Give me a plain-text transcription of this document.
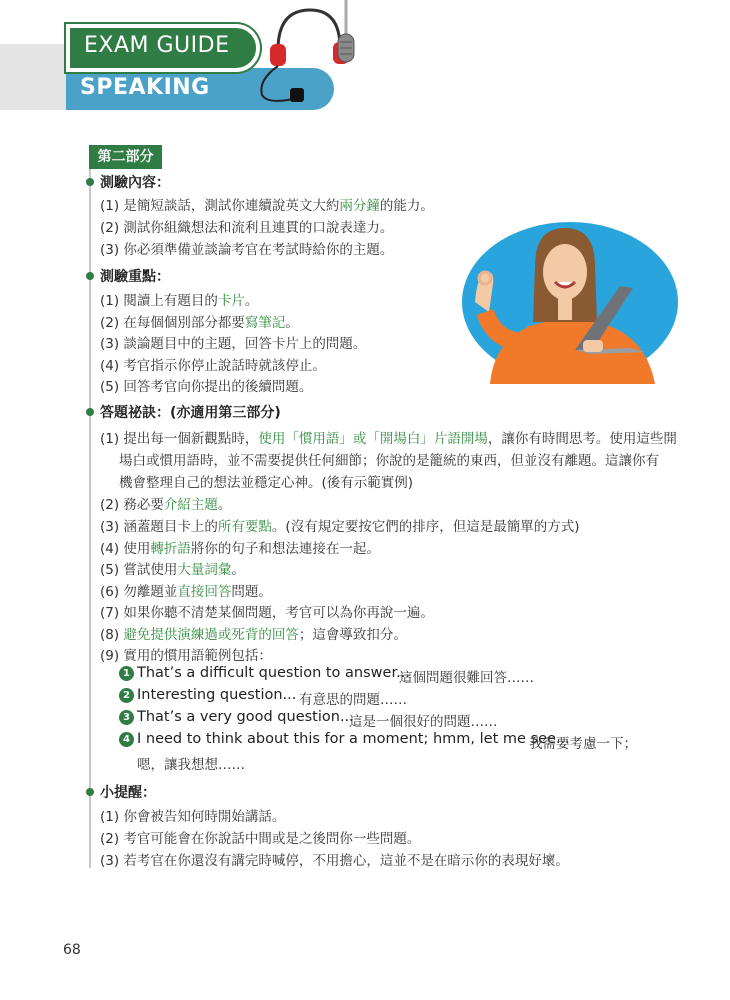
SPEAKING
EXAM GUIDE
第二部分
測驗內容：
(1) 是簡短談話，測試你連續說英文大約兩分鐘的能力。
(2) 測試你組織想法和流利且連貫的口說表達力。
(3) 你必須準備並談論考官在考試時給你的主題。
測驗重點：
(1) 閱讀上有題目的卡片。
(2) 在每個個別部分都要寫筆記。
(3) 談論題目中的主題，回答卡片上的問題。
(4) 考官指示你停止說話時就該停止。
(5) 回答考官向你提出的後續問題。
答題祕訣：(亦適用第三部分)
(1) 提出每一個新觀點時，使用「慣用語」或「開場白」片語開場，讓你有時間思考。使用這些開
場白或慣用語時，並不需要提供任何細節；你說的是籠統的東西，但並沒有離題。這讓你有
機會整理自己的想法並穩定心神。(後有示範實例)
(2) 務必要介紹主題。
(3) 涵蓋題目卡上的所有要點。(沒有規定要按它們的排序，但這是最簡單的方式)
(4) 使用轉折語將你的句子和想法連接在一起。
(5) 嘗試使用大量詞彙。
(6) 勿離題並直接回答問題。
(7) 如果你聽不清楚某個問題，考官可以為你再說一遍。
(8) 避免提供演練過或死背的回答；這會導致扣分。
(9) 實用的慣用語範例包括：
1 That’s a difficult question to answer...
這個問題很難回答……
2 Interesting question... 有意思的問題……
3 That’s a very good question...
這是一個很好的問題……
4 I need to think about this for a moment; hmm, let me see...
我需要考慮一下；
嗯，讓我想想……
小提醒：
(1) 你會被告知何時開始講話。
(2) 考官可能會在你說話中間或是之後問你一些問題。
(3) 若考官在你還沒有講完時喊停，不用擔心，這並不是在暗示你的表現好壞。
68
